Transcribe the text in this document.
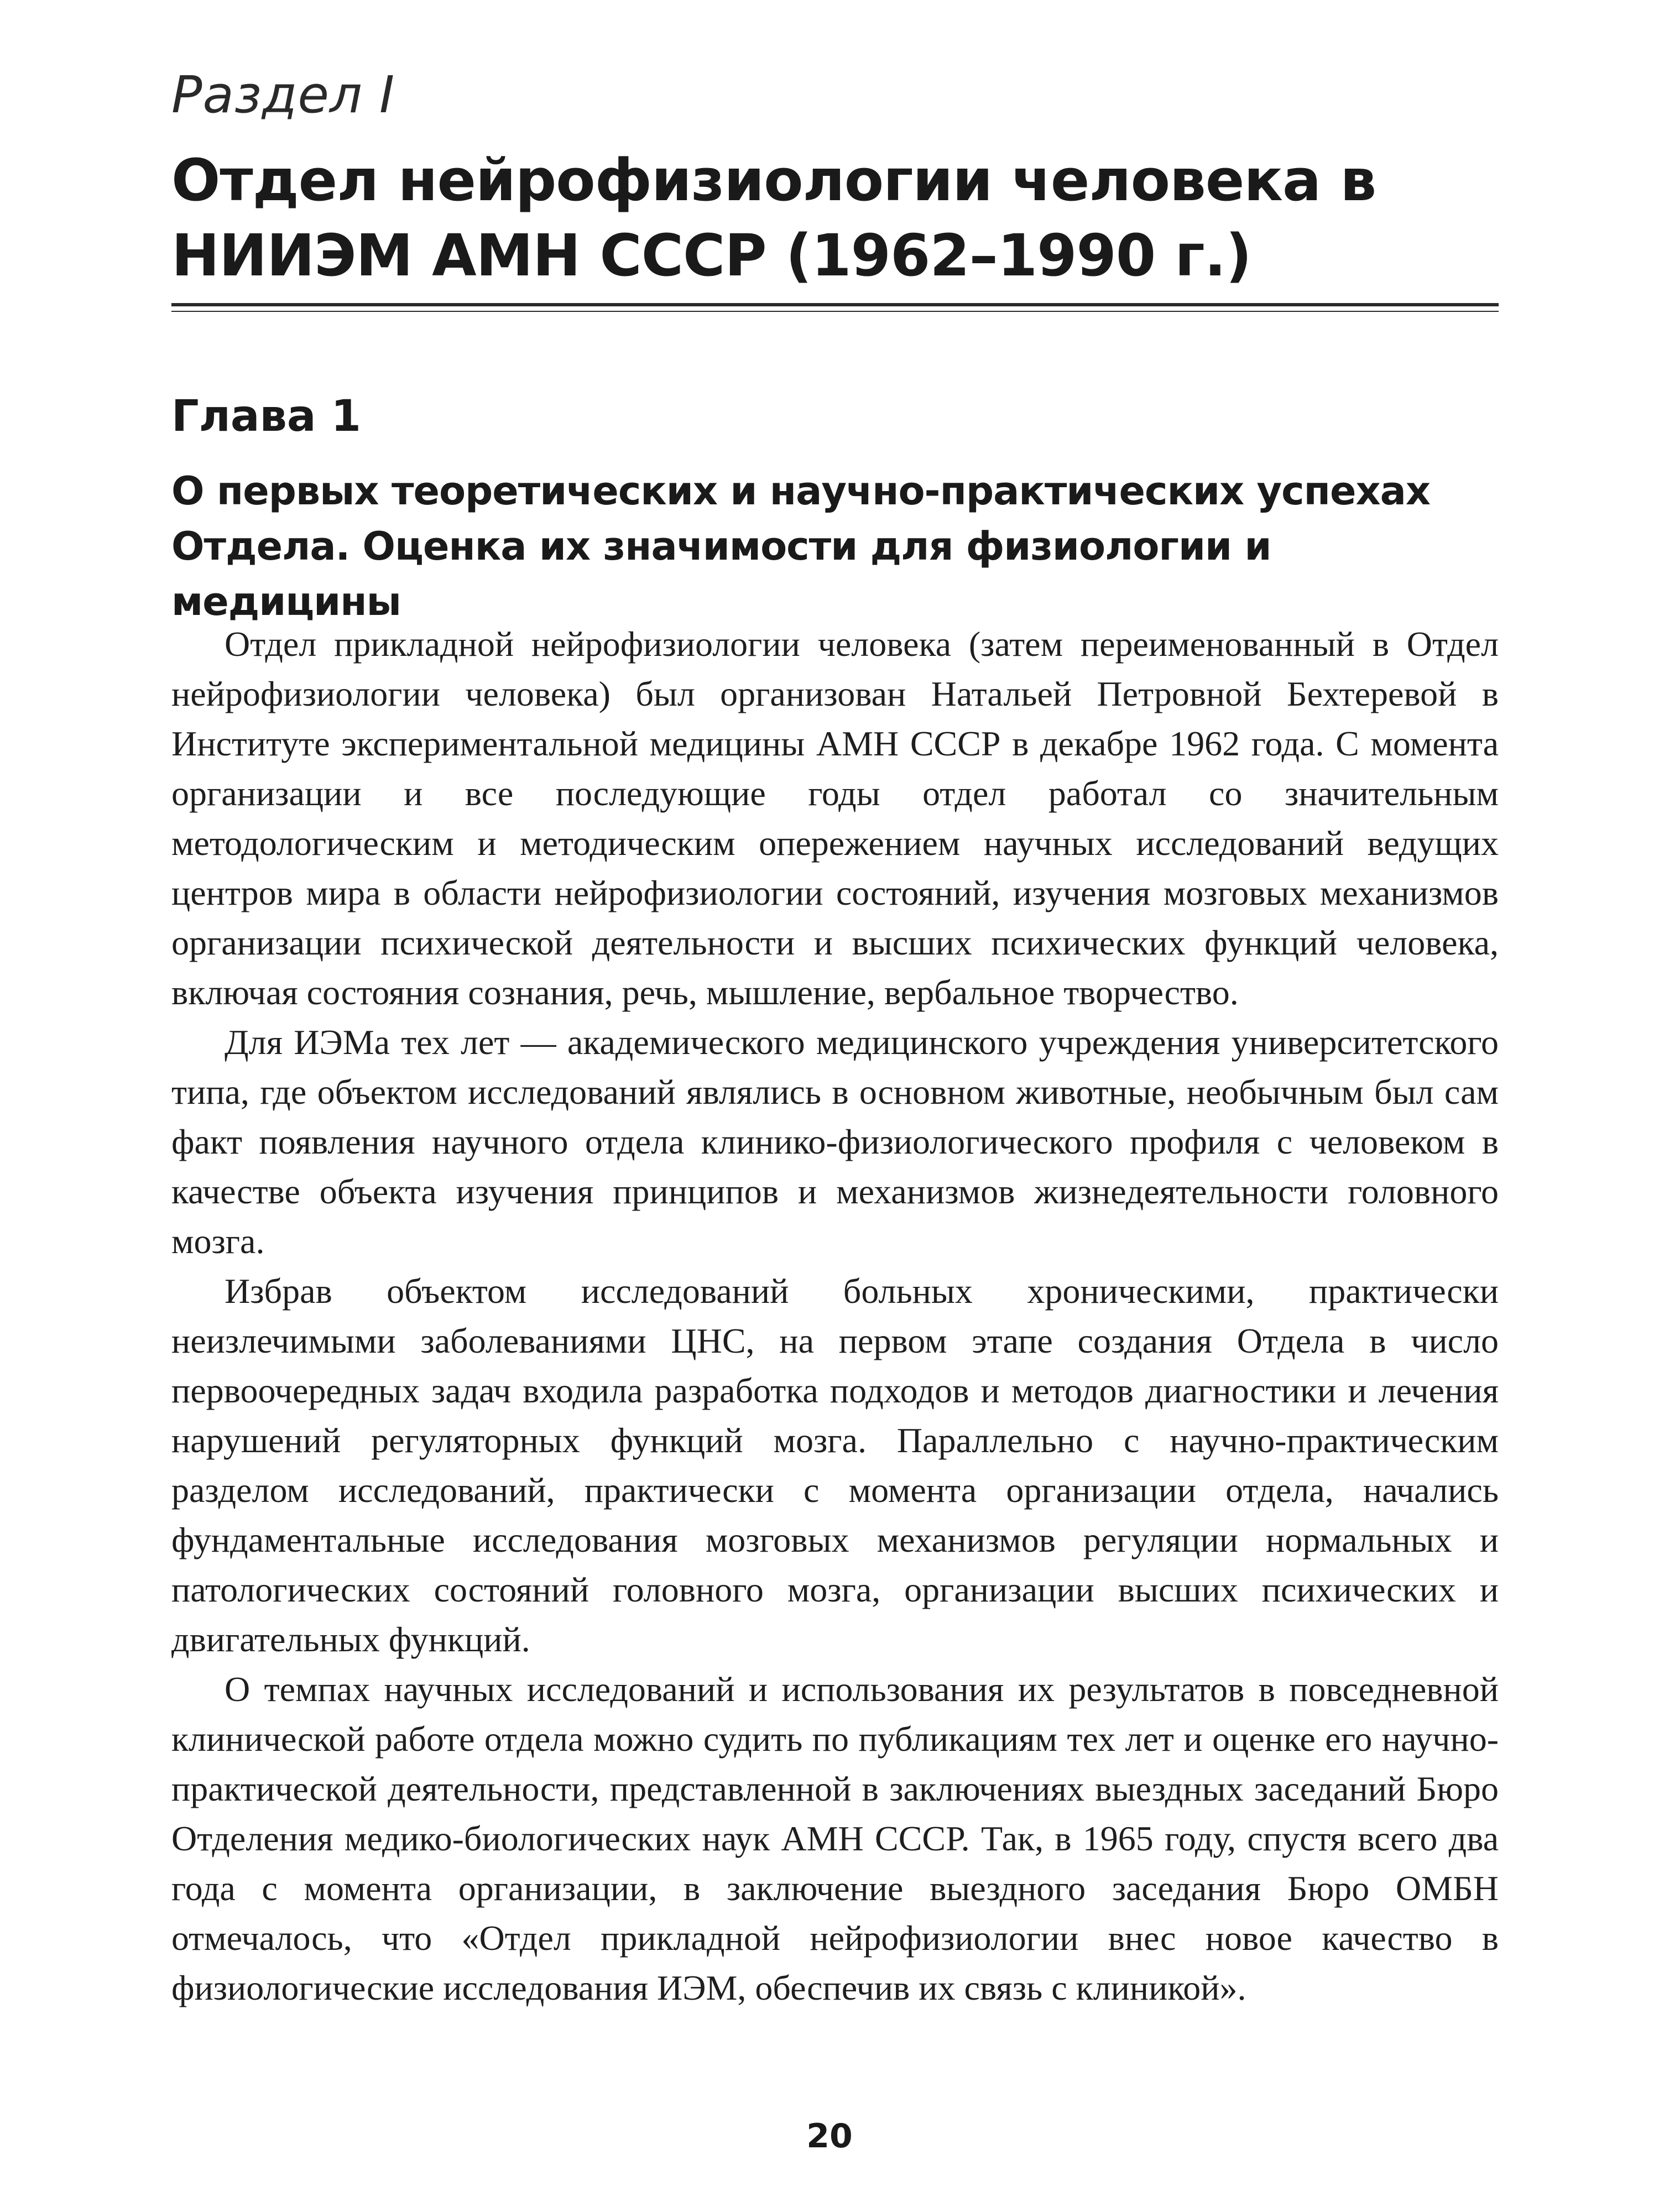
Раздел I
Отдел нейрофизиологии человека в НИИЭМ АМН СССР (1962–1990 г.)
Глава 1
О первых теоретических и научно-практических успехах Отдела. Оценка их значимости для физиологии и медицины

Отдел прикладной нейрофизиологии человека (затем переименованный в Отдел нейрофизиологии человека) был организован Натальей Петровной Бехтеревой в Институте экспериментальной медицины АМН СССР в декабре 1962 года. С момента организации и все последующие годы отдел работал со значительным методологическим и методическим опережением научных исследований ведущих центров мира в области нейрофизиологии состояний, изучения мозговых механизмов организации психической деятельности и высших психических функций человека, включая состояния сознания, речь, мышление, вербальное творчество.

Для ИЭМа тех лет — академического медицинского учреждения университетского типа, где объектом исследований являлись в основном животные, необычным был сам факт появления научного отдела клинико-физиологического профиля с человеком в качестве объекта изучения принципов и механизмов жизнедеятельности головного мозга.

Избрав объектом исследований больных хроническими, практически неизлечимыми заболеваниями ЦНС, на первом этапе создания Отдела в число первоочередных задач входила разработка подходов и методов диагностики и лечения нарушений регуляторных функций мозга. Параллельно с научно-практическим разделом исследований, практически с момента организации отдела, начались фундаментальные исследования мозговых механизмов регуляции нормальных и патологических состояний головного мозга, организации высших психических и двигательных функций.

О темпах научных исследований и использования их результатов в повседневной клинической работе отдела можно судить по публикациям тех лет и оценке его научно-практической деятельности, представленной в заключениях выездных заседаний Бюро Отделения медико-биологических наук АМН СССР. Так, в 1965 году, спустя всего два года с момента организации, в заключение выездного заседания Бюро ОМБН отмечалось, что «Отдел прикладной нейрофизиологии внес новое качество в физиологические исследования ИЭМ, обеспечив их связь с клиникой».

20
